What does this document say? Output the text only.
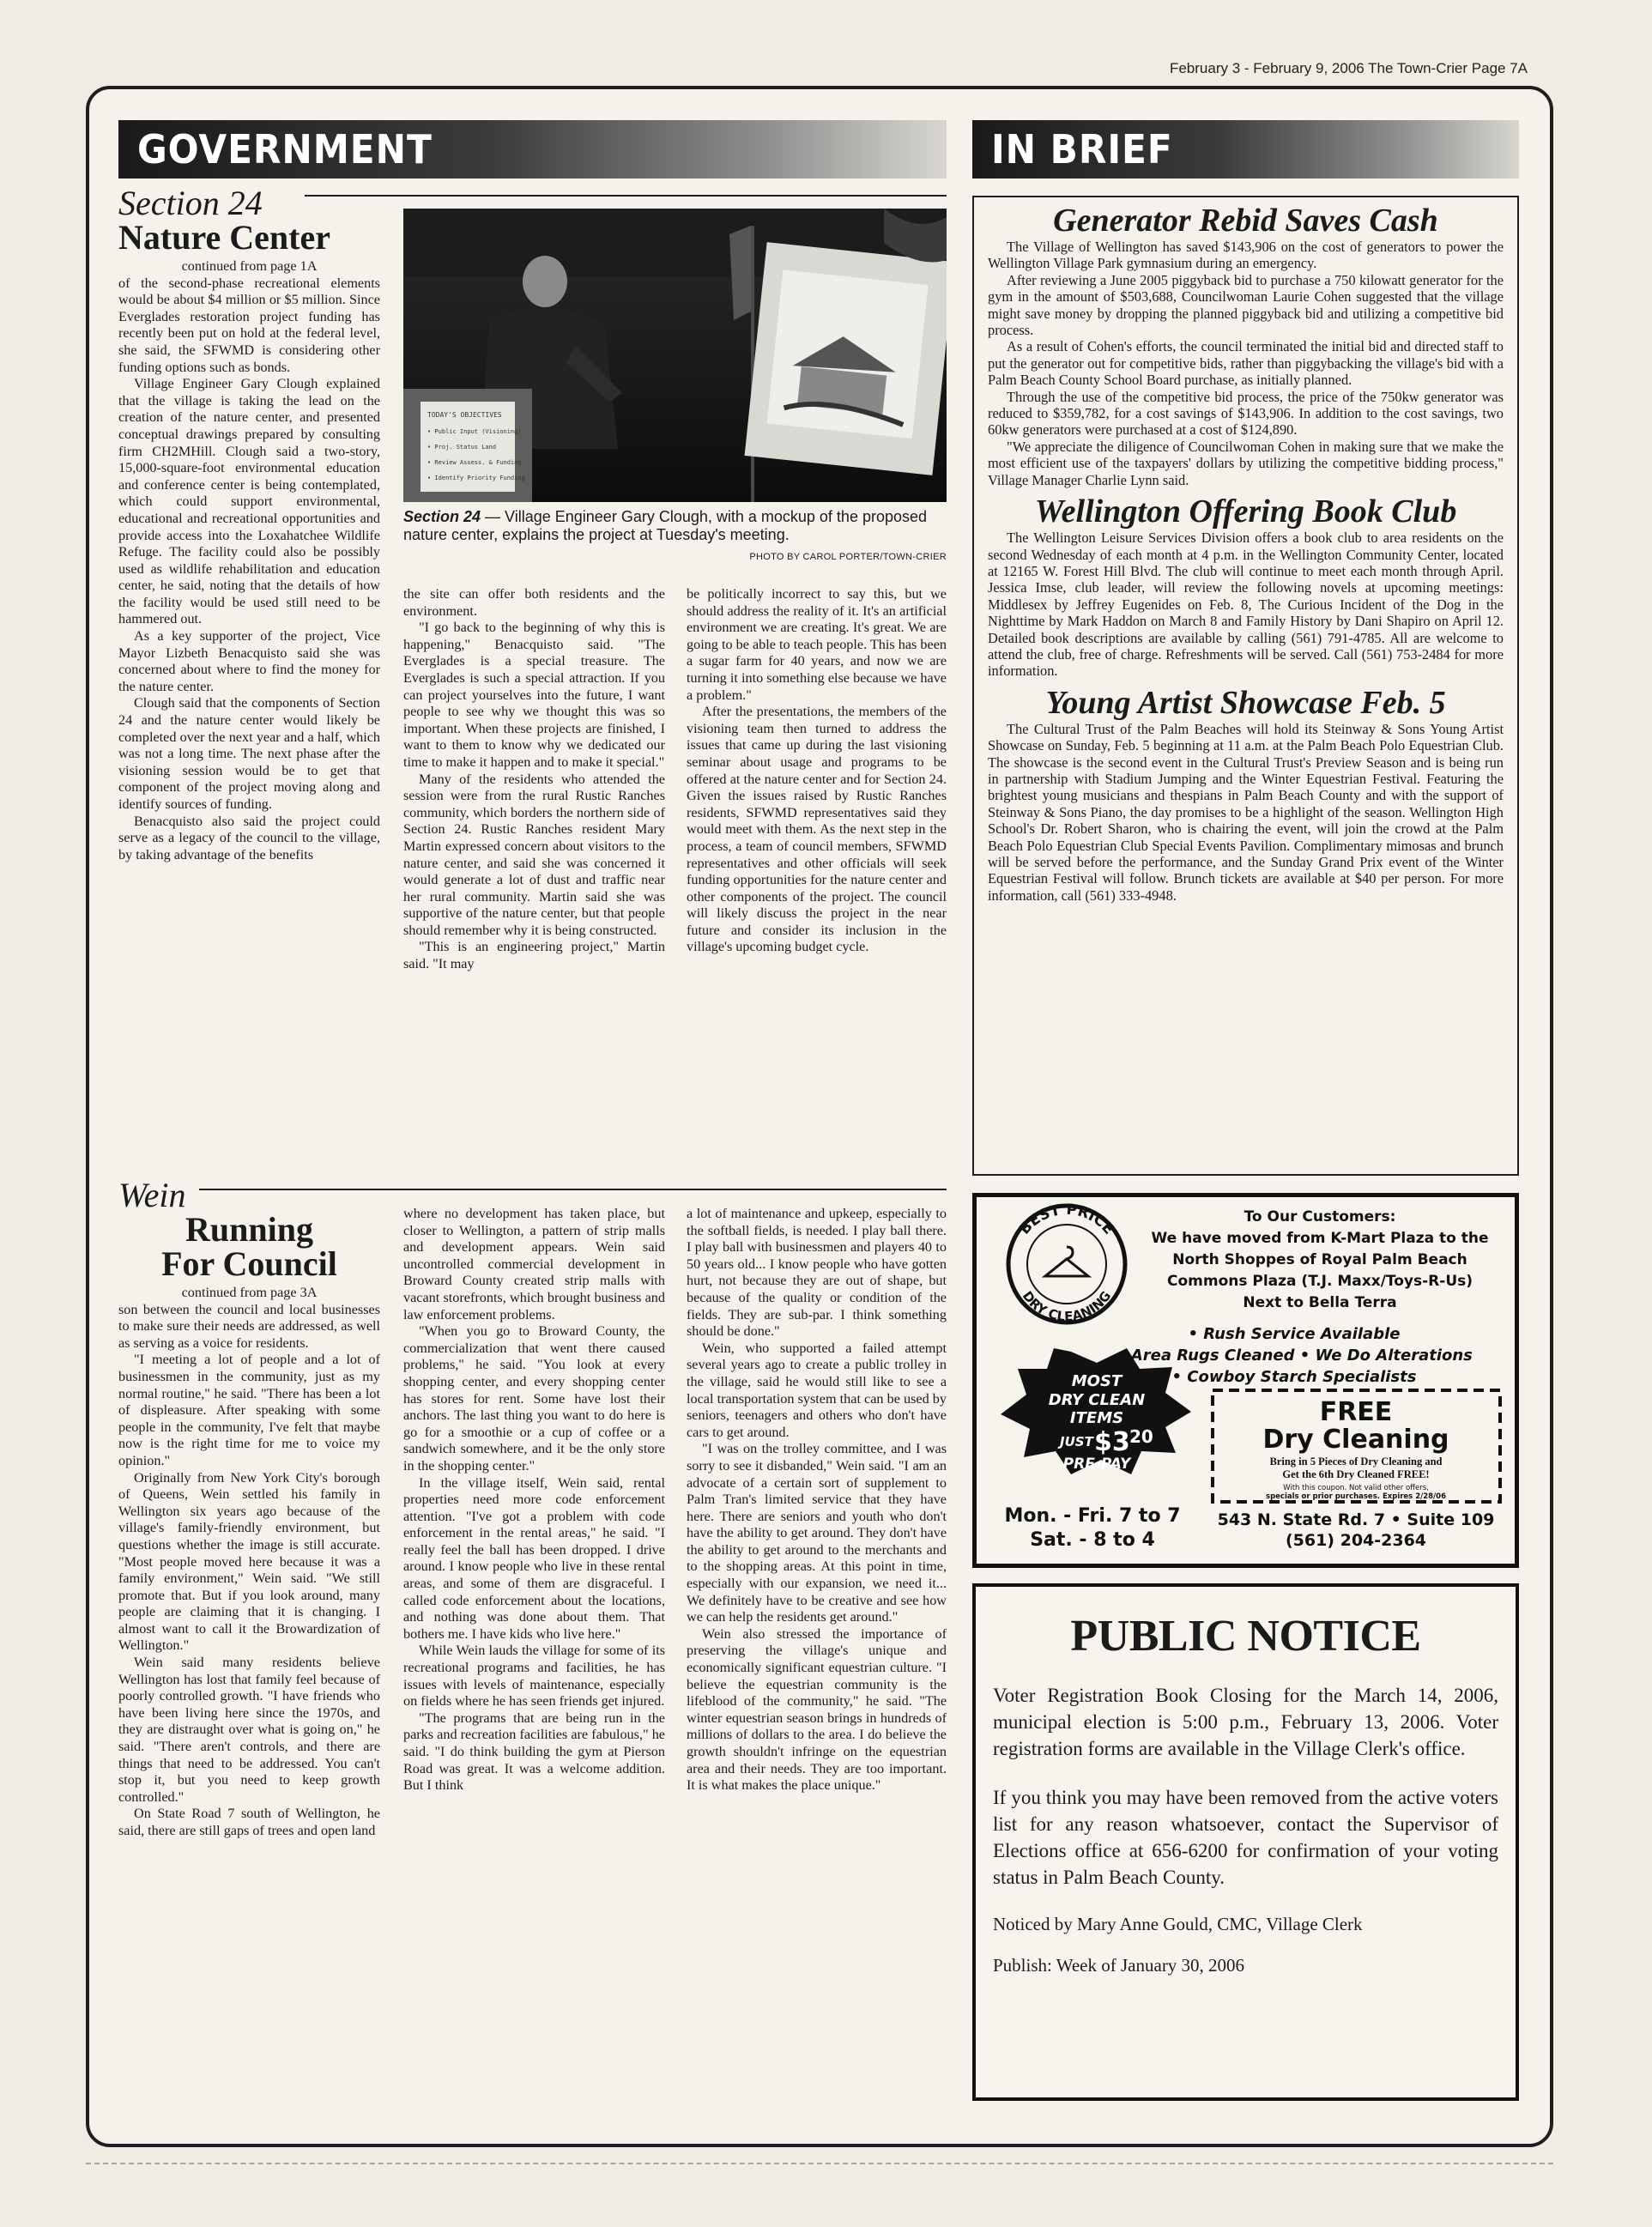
February 3 - February 9, 2006 The Town-Crier Page 7A
GOVERNMENT	IN BRIEF
Section 24
Nature Center
continued from page 1A

of the second-phase recreational elements would be about $4 million or $5 million. Since Everglades restoration project funding has recently been put on hold at the federal level, she said, the SFWMD is considering other funding options such as bonds.

Village Engineer Gary Clough explained that the village is taking the lead on the creation of the nature center, and presented conceptual drawings prepared by consulting firm CH2MHill. Clough said a two-story, 15,000-square-foot environmental education and conference center is being contemplated, which could support environmental, educational and recreational opportunities and provide access into the Loxahatchee Wildlife Refuge. The facility could also be possibly used as wildlife rehabilitation and education center, he said, noting that the details of how the facility would be used still need to be hammered out.

As a key supporter of the project, Vice Mayor Lizbeth Benacquisto said she was concerned about where to find the money for the nature center.

Clough said that the components of Section 24 and the nature center would likely be completed over the next year and a half, which was not a long time. The next phase after the visioning session would be to get that component of the project moving along and identify sources of funding.

Benacquisto also said the project could serve as a legacy of the council to the village, by taking advantage of the benefits

TODAY'S OBJECTIVES
• Public Input (Visioning)
• Proj. Status Land
• Review Assess. & Funding
• Identify Priority Funding
Section 24 — Village Engineer Gary Clough, with a mockup of the proposed nature center, explains the project at Tuesday's meeting.
PHOTO BY CAROL PORTER/TOWN-CRIER

the site can offer both residents and the environment.

"I go back to the beginning of why this is happening," Benacquisto said. "The Everglades is a special treasure. The Everglades is such a special attraction. If you can project yourselves into the future, I want people to see why we thought this was so important. When these projects are finished, I want to them to know why we dedicated our time to make it happen and to make it special."

Many of the residents who attended the session were from the rural Rustic Ranches community, which borders the northern side of Section 24. Rustic Ranches resident Mary Martin expressed concern about visitors to the nature center, and said she was concerned it would generate a lot of dust and traffic near her rural community. Martin said she was supportive of the nature center, but that people should remember why it is being constructed.

"This is an engineering project," Martin said. "It may

be politically incorrect to say this, but we should address the reality of it. It's an artificial environment we are creating. It's great. We are going to be able to teach people. This has been a sugar farm for 40 years, and now we are turning it into something else because we have a problem."

After the presentations, the members of the visioning team then turned to address the issues that came up during the last visioning seminar about usage and programs to be offered at the nature center and for Section 24. Given the issues raised by Rustic Ranches residents, SFWMD representatives said they would meet with them. As the next step in the process, a team of council members, SFWMD representatives and other officials will seek funding opportunities for the nature center and other components of the project. The council will likely discuss the project in the near future and consider its inclusion in the village's upcoming budget cycle.

Wein
Running
For Council
continued from page 3A

son between the council and local businesses to make sure their needs are addressed, as well as serving as a voice for residents.

"I meeting a lot of people and a lot of businessmen in the community, just as my normal routine," he said. "There has been a lot of displeasure. After speaking with some people in the community, I've felt that maybe now is the right time for me to voice my opinion."

Originally from New York City's borough of Queens, Wein settled his family in Wellington six years ago because of the village's family-friendly environment, but questions whether the image is still accurate. "Most people moved here because it was a family environment," Wein said. "We still promote that. But if you look around, many people are claiming that it is changing. I almost want to call it the Browardization of Wellington."

Wein said many residents believe Wellington has lost that family feel because of poorly controlled growth. "I have friends who have been living here since the 1970s, and they are distraught over what is going on," he said. "There aren't controls, and there are things that need to be addressed. You can't stop it, but you need to keep growth controlled."

On State Road 7 south of Wellington, he said, there are still gaps of trees and open land

where no development has taken place, but closer to Wellington, a pattern of strip malls and development appears. Wein said uncontrolled commercial development in Broward County created strip malls with vacant storefronts, which brought business and law enforcement problems.

"When you go to Broward County, the commercialization that went there caused problems," he said. "You look at every shopping center, and every shopping center has stores for rent. Some have lost their anchors. The last thing you want to do here is go for a smoothie or a cup of coffee or a sandwich somewhere, and it be the only store in the shopping center."

In the village itself, Wein said, rental properties need more code enforcement attention. "I've got a problem with code enforcement in the rental areas," he said. "I really feel the ball has been dropped. I drive around. I know people who live in these rental areas, and some of them are disgraceful. I called code enforcement about the locations, and nothing was done about them. That bothers me. I have kids who live here."

While Wein lauds the village for some of its recreational programs and facilities, he has issues with levels of maintenance, especially on fields where he has seen friends get injured.

"The programs that are being run in the parks and recreation facilities are fabulous," he said. "I do think building the gym at Pierson Road was great. It was a welcome addition. But I think

a lot of maintenance and upkeep, especially to the softball fields, is needed. I play ball there. I play ball with businessmen and players 40 to 50 years old... I know people who have gotten hurt, not because they are out of shape, but because of the quality or condition of the fields. They are sub-par. I think something should be done."

Wein, who supported a failed attempt several years ago to create a public trolley in the village, said he would still like to see a local transportation system that can be used by seniors, teenagers and others who don't have cars to get around.

"I was on the trolley committee, and I was sorry to see it disbanded," Wein said. "I am an advocate of a certain sort of supplement to Palm Tran's limited service that they have here. There are seniors and youth who don't have the ability to get around. They don't have the ability to get around to the merchants and to the shopping areas. At this point in time, especially with our expansion, we need it... We definitely have to be creative and see how we can help the residents get around."

Wein also stressed the importance of preserving the village's unique and economically significant equestrian culture. "I believe the equestrian community is the lifeblood of the community," he said. "The winter equestrian season brings in hundreds of millions of dollars to the area. I do believe the growth shouldn't infringe on the equestrian area and their needs. They are too important. It is what makes the place unique."

Generator Rebid Saves Cash

The Village of Wellington has saved $143,906 on the cost of generators to power the Wellington Village Park gymnasium during an emergency.

After reviewing a June 2005 piggyback bid to purchase a 750 kilowatt generator for the gym in the amount of $503,688, Councilwoman Laurie Cohen suggested that the village might save money by dropping the planned piggyback bid and utilizing a competitive bid process.

As a result of Cohen's efforts, the council terminated the initial bid and directed staff to put the generator out for competitive bids, rather than piggybacking the village's bid with a Palm Beach County School Board purchase, as initially planned.

Through the use of the competitive bid process, the price of the 750kw generator was reduced to $359,782, for a cost savings of $143,906. In addition to the cost savings, two 60kw generators were purchased at a cost of $124,890.

"We appreciate the diligence of Councilwoman Cohen in making sure that we make the most efficient use of the taxpayers' dollars by utilizing the competitive bidding process," Village Manager Charlie Lynn said.

Wellington Offering Book Club

The Wellington Leisure Services Division offers a book club to area residents on the second Wednesday of each month at 4 p.m. in the Wellington Community Center, located at 12165 W. Forest Hill Blvd. The club will continue to meet each month through April. Jessica Imse, club leader, will review the following novels at upcoming meetings: Middlesex by Jeffrey Eugenides on Feb. 8, The Curious Incident of the Dog in the Nighttime by Mark Haddon on March 8 and Family History by Dani Shapiro on April 12. Detailed book descriptions are available by calling (561) 791-4785. All are welcome to attend the club, free of charge. Refreshments will be served. Call (561) 753-2484 for more information.

Young Artist Showcase Feb. 5

The Cultural Trust of the Palm Beaches will hold its Steinway & Sons Young Artist Showcase on Sunday, Feb. 5 beginning at 11 a.m. at the Palm Beach Polo Equestrian Club. The showcase is the second event in the Cultural Trust's Preview Season and is being run in partnership with Stadium Jumping and the Winter Equestrian Festival. Featuring the brightest young musicians and thespians in Palm Beach County and with the support of Steinway & Sons Piano, the day promises to be a highlight of the season. Wellington High School's Dr. Robert Sharon, who is chairing the event, will join the crowd at the Palm Beach Polo Equestrian Club Special Events Pavilion. Complimentary mimosas and brunch will be served before the performance, and the Sunday Grand Prix event of the Winter Equestrian Festival will follow. Brunch tickets are available at $40 per person. For more information, call (561) 333-4948.

BEST PRICE
DRY CLEANING
MOST
DRY CLEAN
ITEMS
JUST $3 20
PRE-PAY
FREE
Dry Cleaning
Bring in 5 Pieces of Dry Cleaning and
Get the 6th Dry Cleaned FREE!
With this coupon. Not valid other offers,
specials or prior purchases. Expires 2/28/06
To Our Customers:
We have moved from K-Mart Plaza to the
North Shoppes of Royal Palm Beach
Commons Plaza (T.J. Maxx/Toys-R-Us)
Next to Bella Terra
• Rush Service Available
• Area Rugs Cleaned • We Do Alterations
• Cowboy Starch Specialists
Mon. - Fri. 7 to 7
Sat. - 8 to 4
543 N. State Rd. 7 • Suite 109
(561) 204-2364
PUBLIC NOTICE

Voter Registration Book Closing for the March 14, 2006, municipal election is 5:00 p.m., February 13, 2006. Voter registration forms are available in the Village Clerk's office.

If you think you may have been removed from the active voters list for any reason whatsoever, contact the Supervisor of Elections office at 656-6200 for confirmation of your voting status in Palm Beach County.

Noticed by Mary Anne Gould, CMC, Village Clerk

Publish: Week of January 30, 2006
